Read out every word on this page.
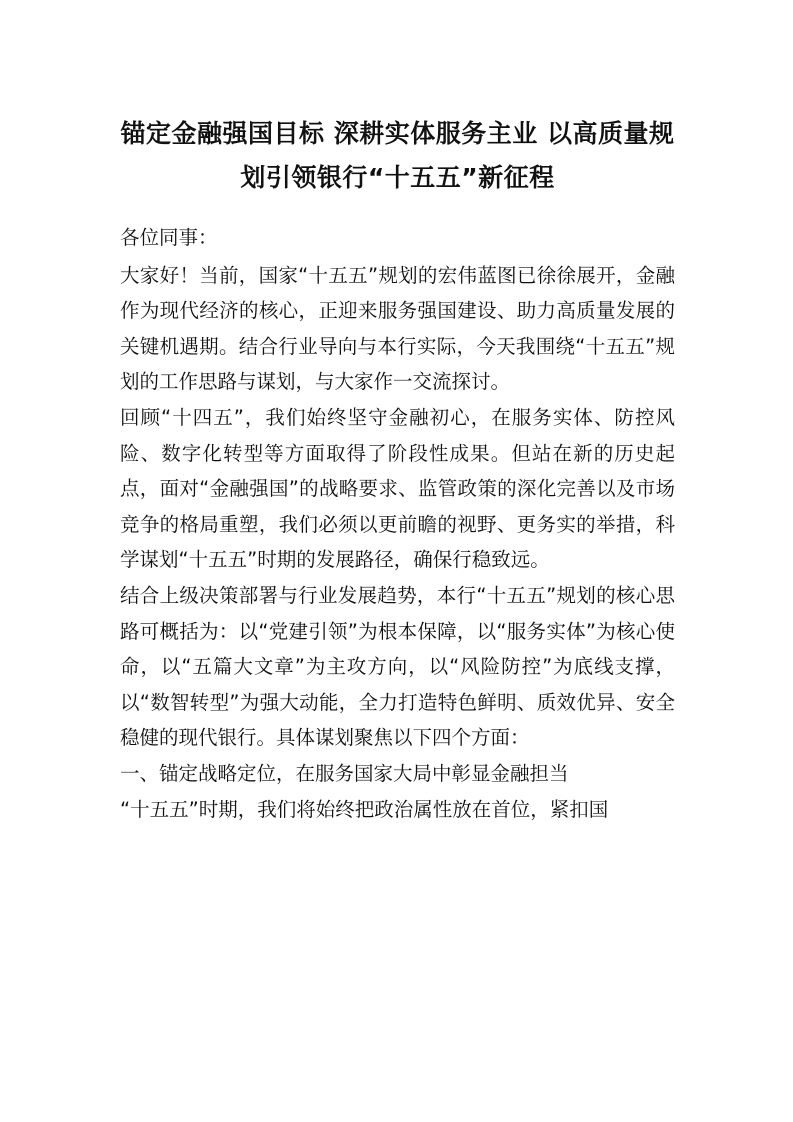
锚定金融强国目标 深耕实体服务主业 以高质量规
划引领银行“十五五”新征程

各位同事：

大家好！当前，国家“十五五”规划的宏伟蓝图已徐徐展开，金融作为现代经济的核心，正迎来服务强国建设、助力高质量发展的关键机遇期。结合行业导向与本行实际，今天我围绕“十五五”规划的工作思路与谋划，与大家作一交流探讨。

回顾“十四五”，我们始终坚守金融初心，在服务实体、防控风险、数字化转型等方面取得了阶段性成果。但站在新的历史起点，面对“金融强国”的战略要求、监管政策的深化完善以及市场竞争的格局重塑，我们必须以更前瞻的视野、更务实的举措，科学谋划“十五五”时期的发展路径，确保行稳致远。

结合上级决策部署与行业发展趋势，本行“十五五”规划的核心思路可概括为：以“党建引领”为根本保障，以“服务实体”为核心使命，以“五篇大文章”为主攻方向，以“风险防控”为底线支撑，以“数智转型”为强大动能，全力打造特色鲜明、质效优异、安全稳健的现代银行。具体谋划聚焦以下四个方面：

一、锚定战略定位，在服务国家大局中彰显金融担当

“十五五”时期，我们将始终把政治属性放在首位，紧扣国
